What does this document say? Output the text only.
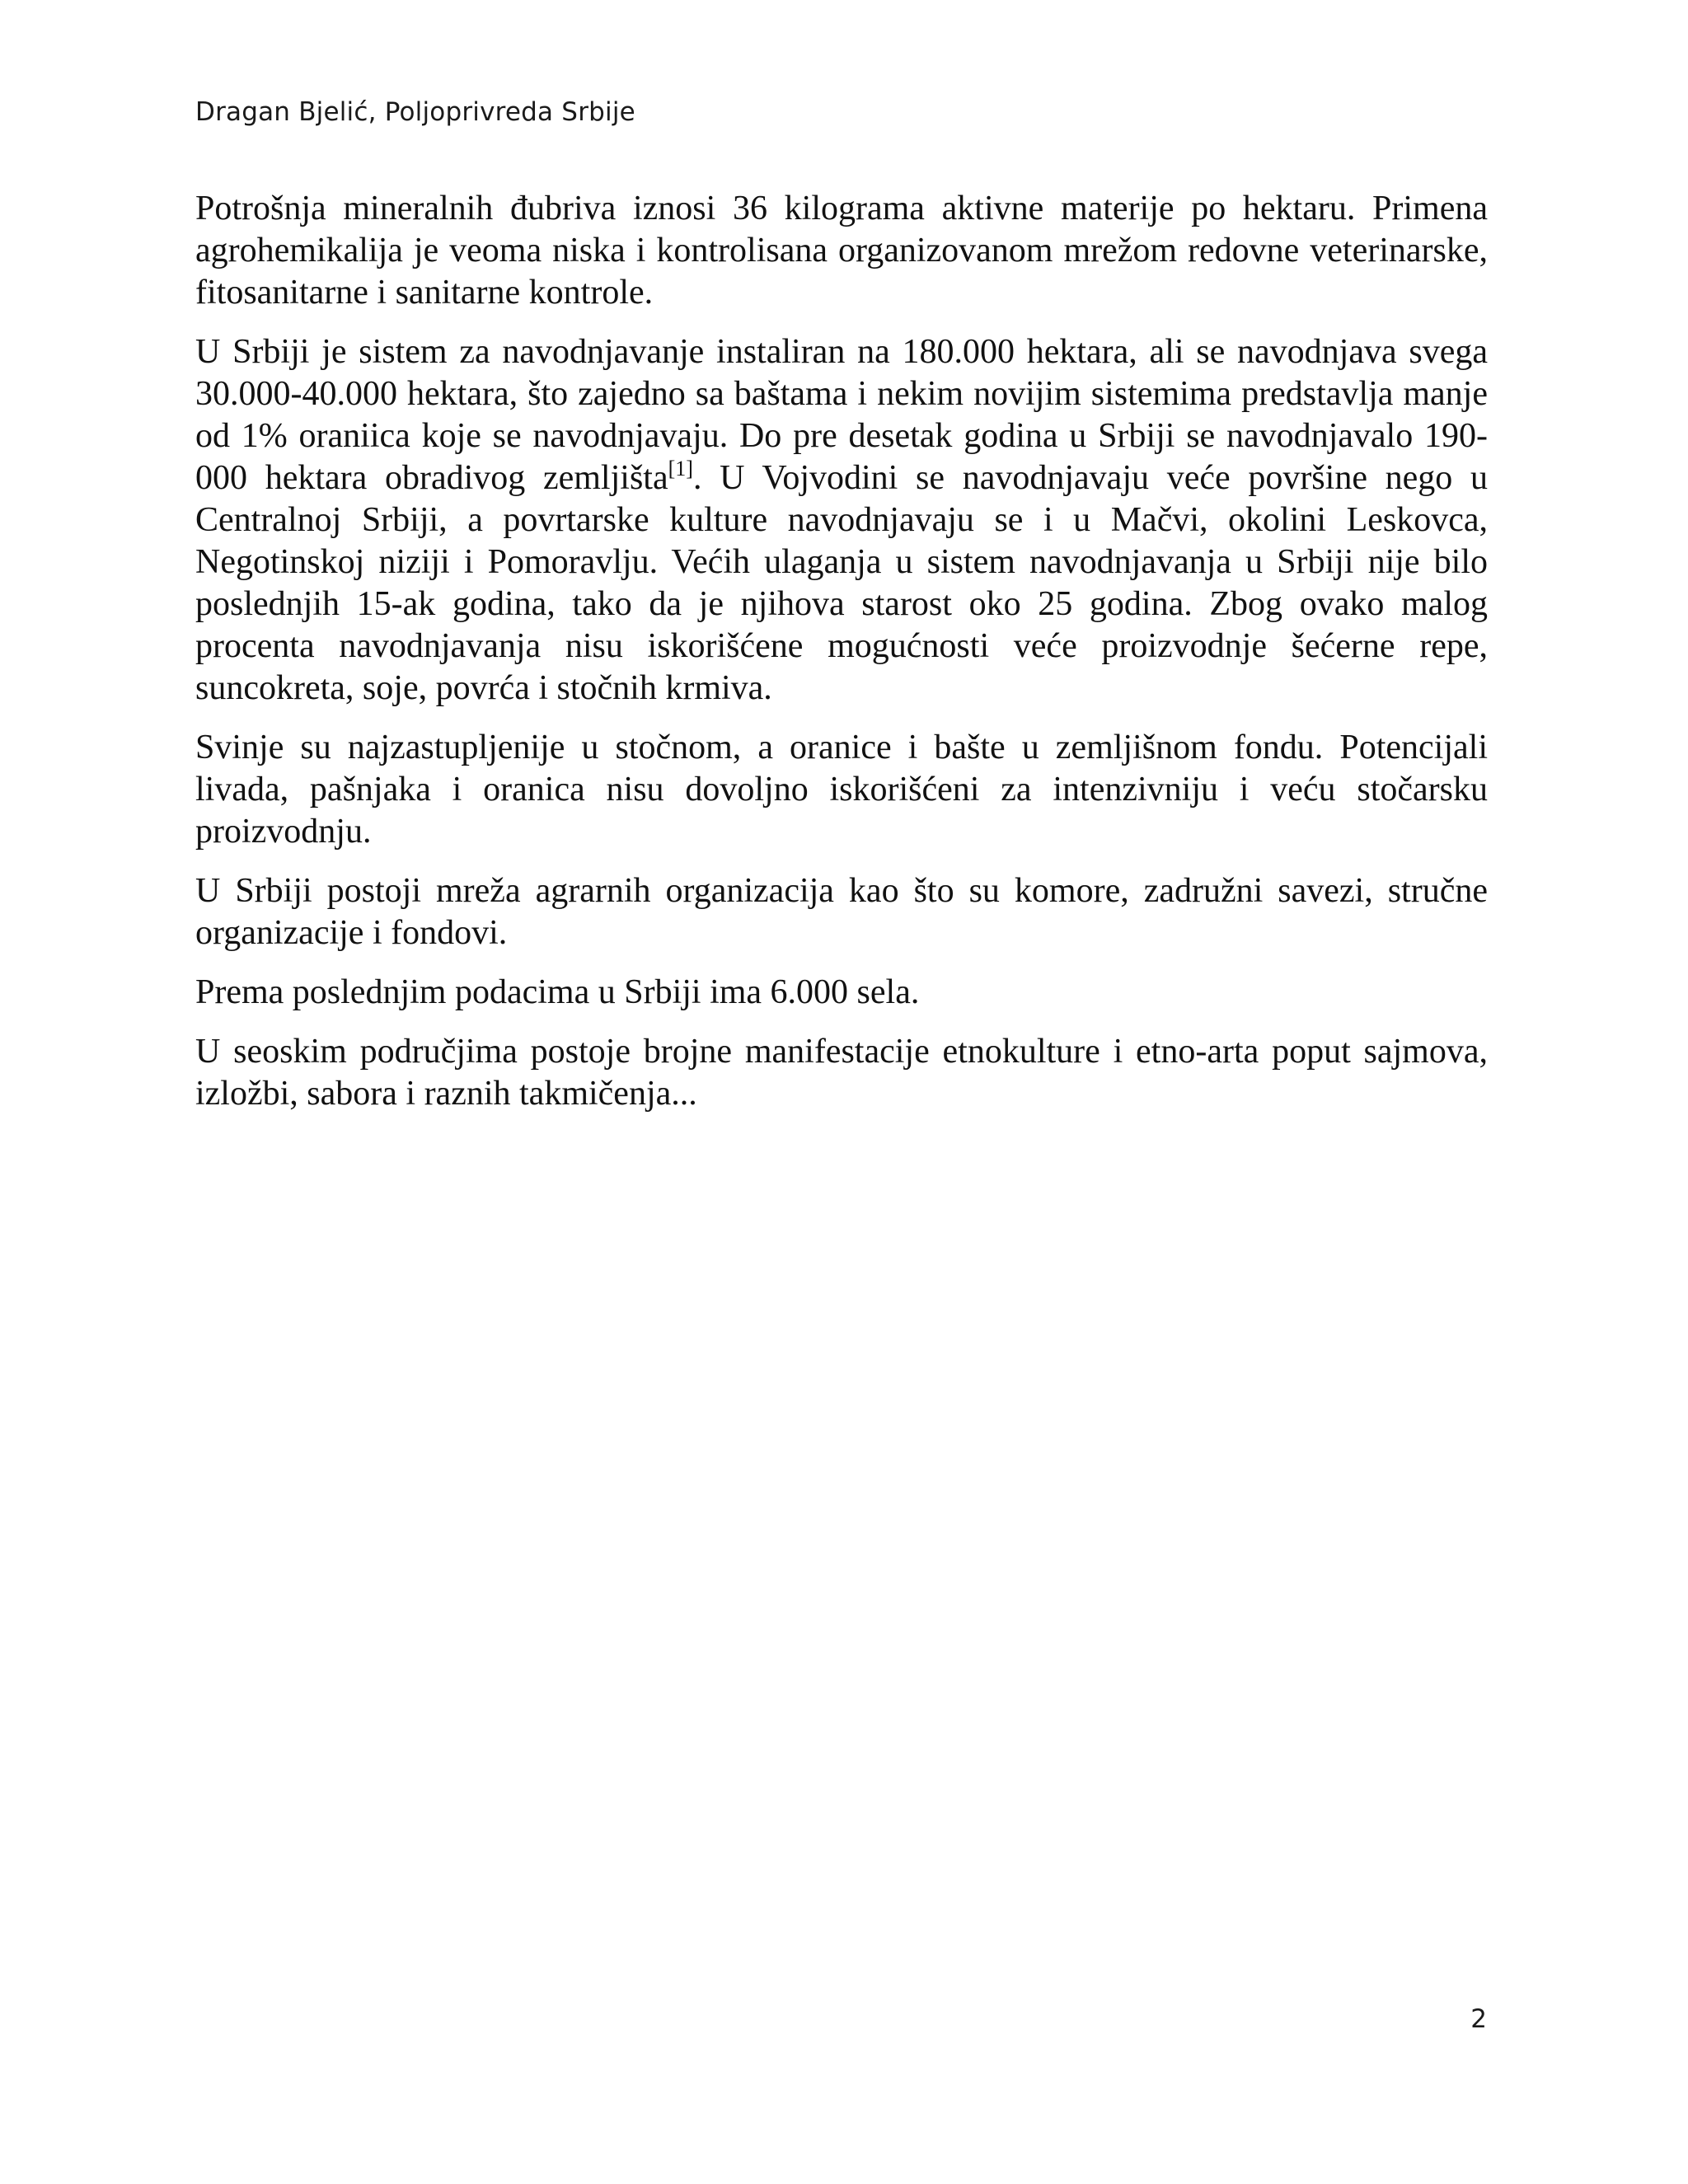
Dragan Bjelić, Poljoprivreda Srbije

Potrošnja mineralnih đubriva iznosi 36 kilograma aktivne materije po hektaru. Primena agrohemikalija je veoma niska i kontrolisana organizovanom mrežom redovne veterinarske, fitosanitarne i sanitarne kontrole.

U Srbiji je sistem za navodnjavanje instaliran na 180.000 hektara, ali se navodnjava svega 30.000-40.000 hektara, što zajedno sa baštama i nekim novijim sistemima predstavlja manje od 1% oraniica koje se navodnjavaju. Do pre desetak godina u Srbiji se navodnjavalo 190-000 hektara obradivog zemljišta[1]. U Vojvodini se navodnjavaju veće površine nego u Centralnoj Srbiji, a povrtarske kulture navodnjavaju se i u Mačvi, okolini Leskovca, Negotinskoj niziji i Pomoravlju. Većih ulaganja u sistem navodnjavanja u Srbiji nije bilo poslednjih 15-ak godina, tako da je njihova starost oko 25 godina. Zbog ovako malog procenta navodnjavanja nisu iskorišćene mogućnosti veće proizvodnje šećerne repe, suncokreta, soje, povrća i stočnih krmiva.

Svinje su najzastupljenije u stočnom, a oranice i bašte u zemljišnom fondu. Potencijali livada, pašnjaka i oranica nisu dovoljno iskorišćeni za intenzivniju i veću stočarsku proizvodnju.

U Srbiji postoji mreža agrarnih organizacija kao što su komore, zadružni savezi, stručne organizacije i fondovi.

Prema poslednjim podacima u Srbiji ima 6.000 sela.

U seoskim područjima postoje brojne manifestacije etnokulture i etno-arta poput sajmova, izložbi, sabora i raznih takmičenja...

2
